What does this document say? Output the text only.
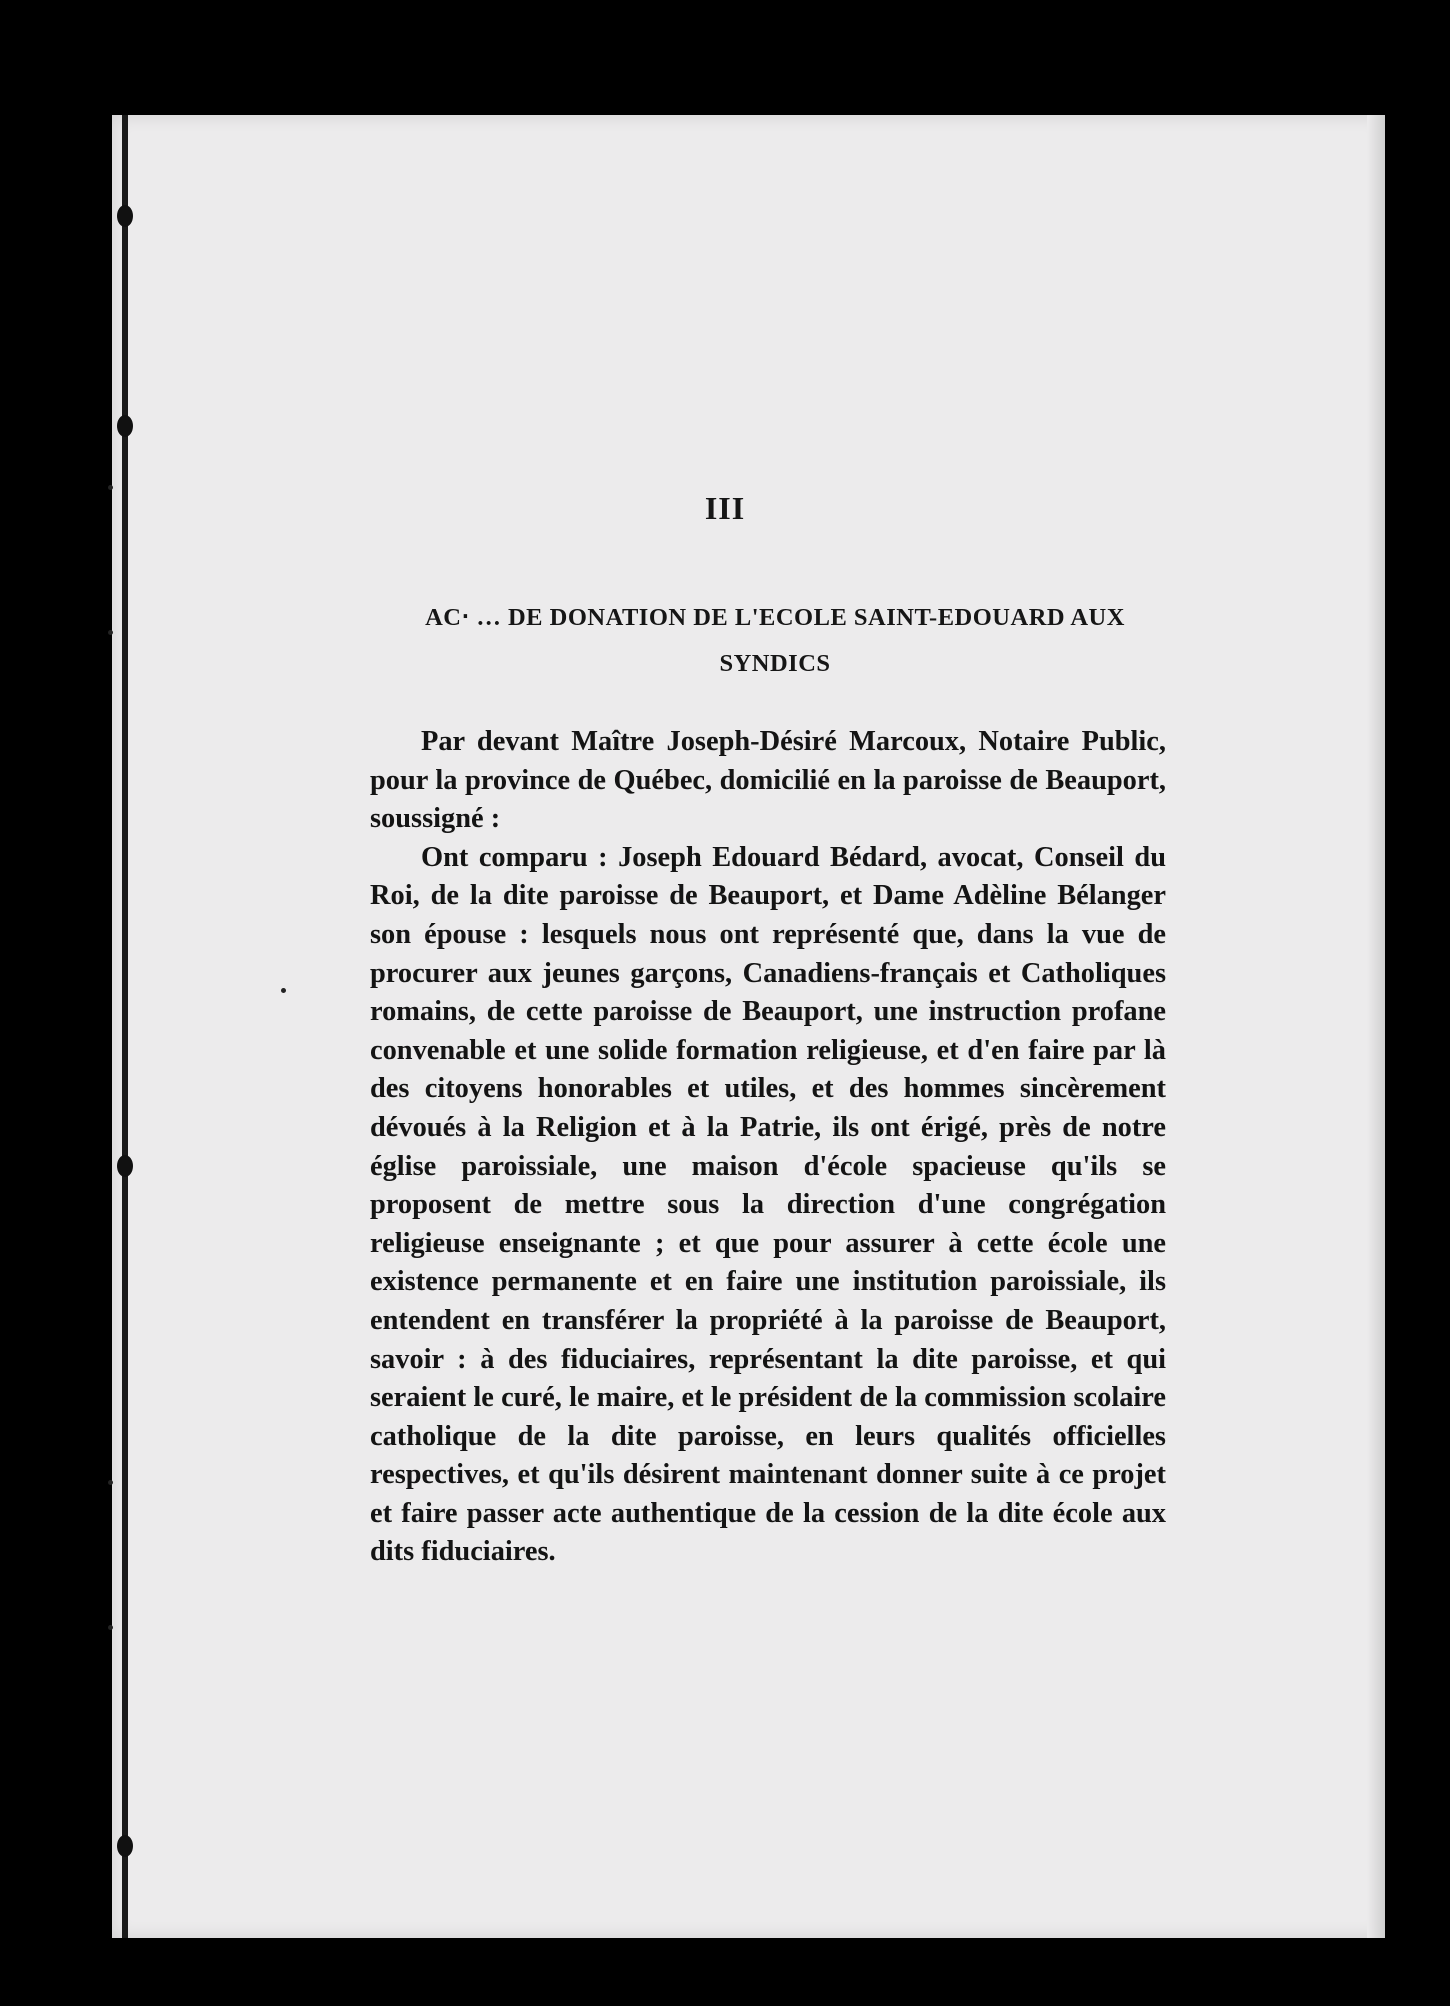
III
AC‧ … DE DONATION DE L'ECOLE SAINT-EDOUARD AUX SYNDICS

Par devant Maître Joseph-Désiré Marcoux, Notaire Public, pour la province de Québec, domicilié en la paroisse de Beauport, soussigné :

Ont comparu : Joseph Edouard Bédard, avocat, Conseil du Roi, de la dite paroisse de Beauport, et Dame Adèline Bélanger son épouse : lesquels nous ont représenté que, dans la vue de procurer aux jeunes garçons, Canadiens-français et Catholiques romains, de cette paroisse de Beauport, une instruction profane convenable et une solide formation religieuse, et d'en faire par là des citoyens honorables et utiles, et des hommes sincèrement dévoués à la Religion et à la Patrie, ils ont érigé, près de notre église paroissiale, une maison d'école spacieuse qu'ils se proposent de mettre sous la direction d'une congrégation religieuse enseignante ; et que pour assurer à cette école une existence permanente et en faire une institution paroissiale, ils entendent en transférer la propriété à la paroisse de Beauport, savoir : à des fiduciaires, représentant la dite paroisse, et qui seraient le curé, le maire, et le président de la commission scolaire catholique de la dite paroisse, en leurs qualités officielles respectives, et qu'ils désirent maintenant donner suite à ce projet et faire passer acte authentique de la cession de la dite école aux dits fiduciaires.
